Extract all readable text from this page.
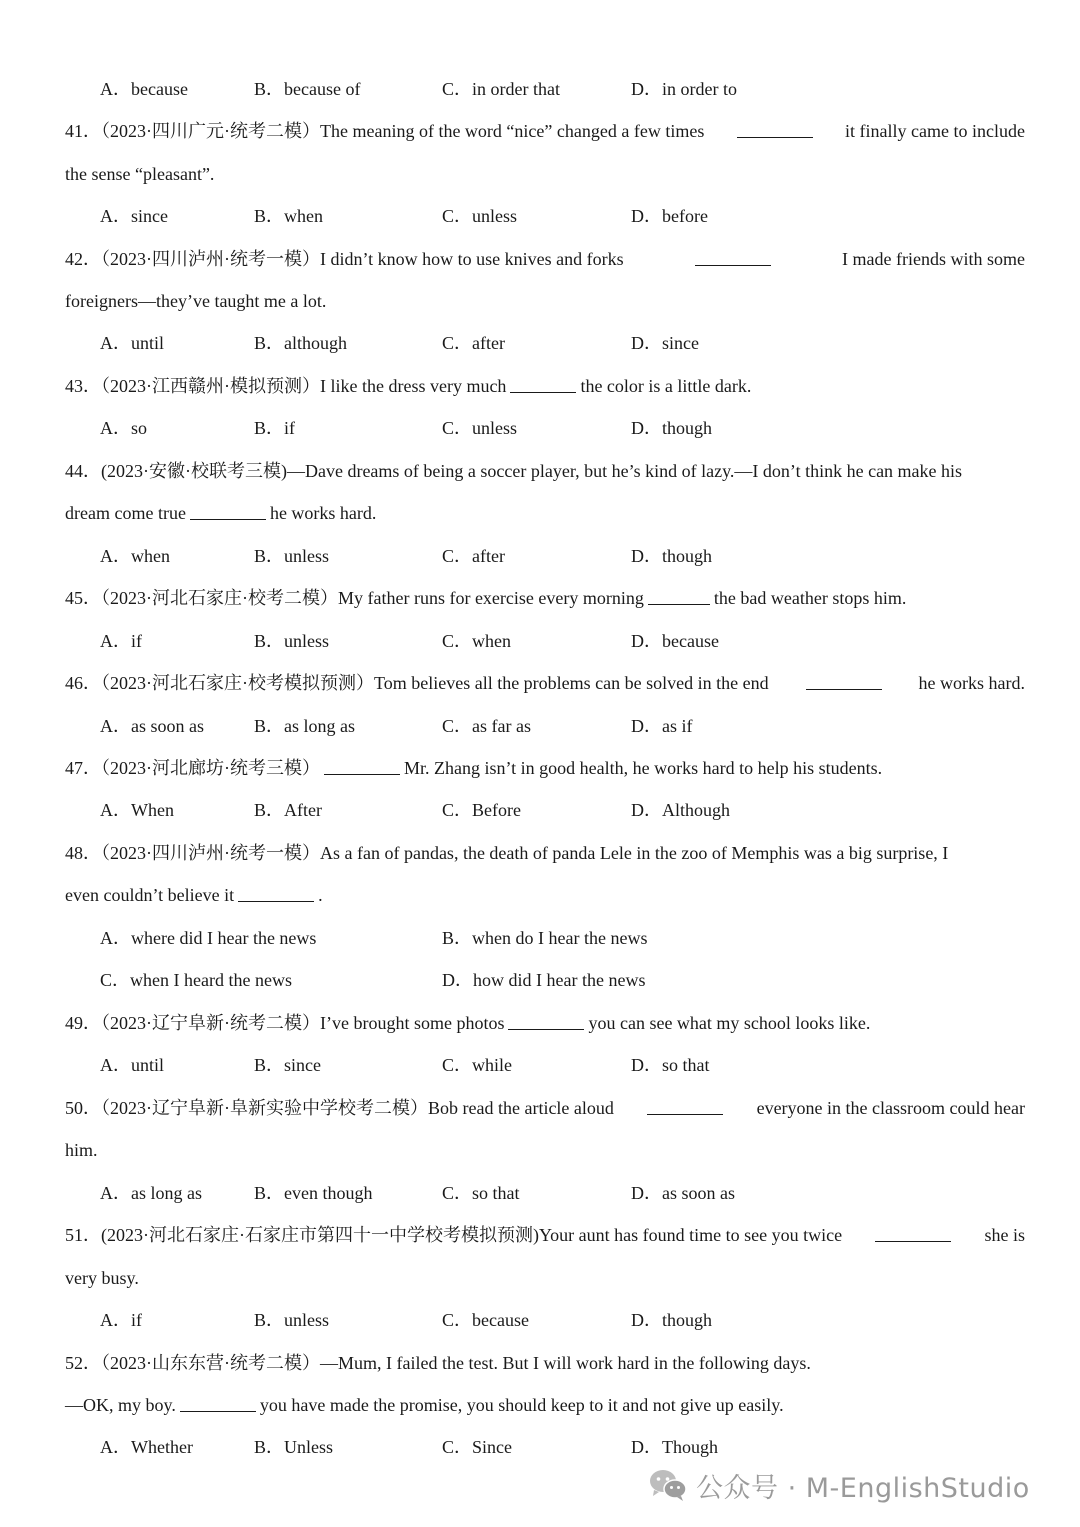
A．because	B．because of	C．in order that	D．in order to
41．（2023·四川广元·统考二模）The meaning of the word “nice” changed a few times	it finally came to include
the sense “pleasant”.
A．since	B．when	C．unless	D．before
42．（2023·四川泸州·统考一模）I didn’t know how to use knives and forks	I made friends with some
foreigners—they’ve taught me a lot.
A．until	B．although	C．after	D．since
43．（2023·江西赣州·模拟预测）I like the dress very much	the color is a little dark.
A．so	B．if	C．unless	D．though
44．(2023·安徽·校联考三模)—Dave dreams of being a soccer player, but he’s kind of lazy.—I don’t think he can make his
dream come true	he works hard.
A．when	B．unless	C．after	D．though
45．（2023·河北石家庄·校考二模）My father runs for exercise every morning	the bad weather stops him.
A．if	B．unless	C．when	D．because
46．（2023·河北石家庄·校考模拟预测）Tom believes all the problems can be solved in the end	he works hard.
A．as soon as	B．as long as	C．as far as	D．as if
47．（2023·河北廊坊·统考三模）	Mr. Zhang isn’t in good health, he works hard to help his students.
A．When	B．After	C．Before	D．Although
48．（2023·四川泸州·统考一模）As a fan of pandas, the death of panda Lele in the zoo of Memphis was a big surprise, I
even couldn’t believe it	.
A．where did I hear the news	B．when do I hear the news
C．when I heard the news	D．how did I hear the news
49．（2023·辽宁阜新·统考二模）I’ve brought some photos	you can see what my school looks like.
A．until	B．since	C．while	D．so that
50．（2023·辽宁阜新·阜新实验中学校考二模）Bob read the article aloud	everyone in the classroom could hear
him.
A．as long as	B．even though	C．so that	D．as soon as
51．(2023·河北石家庄·石家庄市第四十一中学校考模拟预测)Your aunt has found time to see you twice	she is
very busy.
A．if	B．unless	C．because	D．though
52．（2023·山东东营·统考二模）—Mum, I failed the test. But I will work hard in the following days.
—OK, my boy.	you have made the promise, you should keep to it and not give up easily.
A．Whether	B．Unless	C．Since	D．Though
公众号 · M-EnglishStudio
